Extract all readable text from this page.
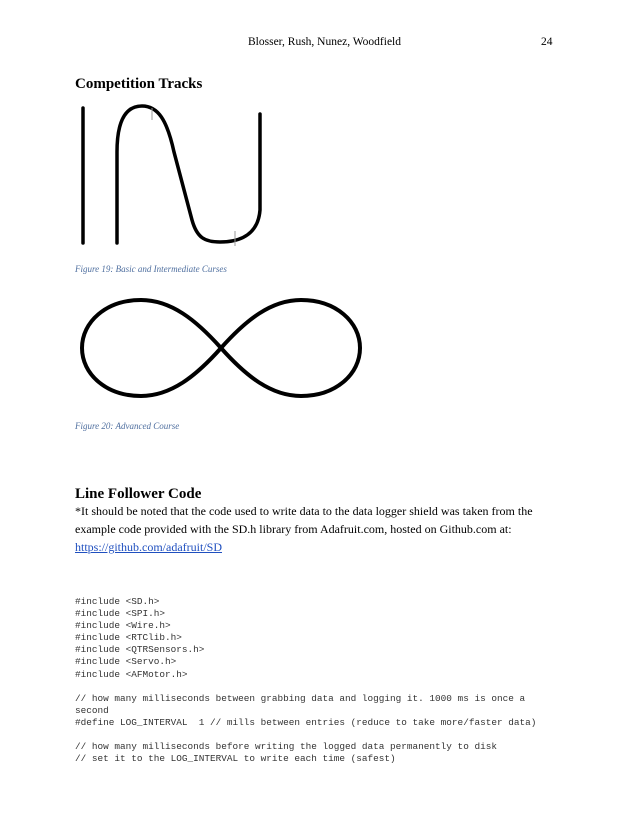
Blosser, Rush, Nunez, Woodfield	24
Competition Tracks
Figure 19: Basic and Intermediate Curses
Figure 20: Advanced Course
Line Follower Code
*It should be noted that the code used to write data to the data logger shield was taken from the example code provided with the SD.h library from Adafruit.com, hosted on Github.com at:
https://github.com/adafruit/SD
#include <SD.h>
#include <SPI.h>
#include <Wire.h>
#include <RTClib.h>
#include <QTRSensors.h>
#include <Servo.h>
#include <AFMotor.h>
// how many milliseconds between grabbing data and logging it. 1000 ms is once a
second
#define LOG_INTERVAL  1 // mills between entries (reduce to take more/faster data)
// how many milliseconds before writing the logged data permanently to disk
// set it to the LOG_INTERVAL to write each time (safest)
